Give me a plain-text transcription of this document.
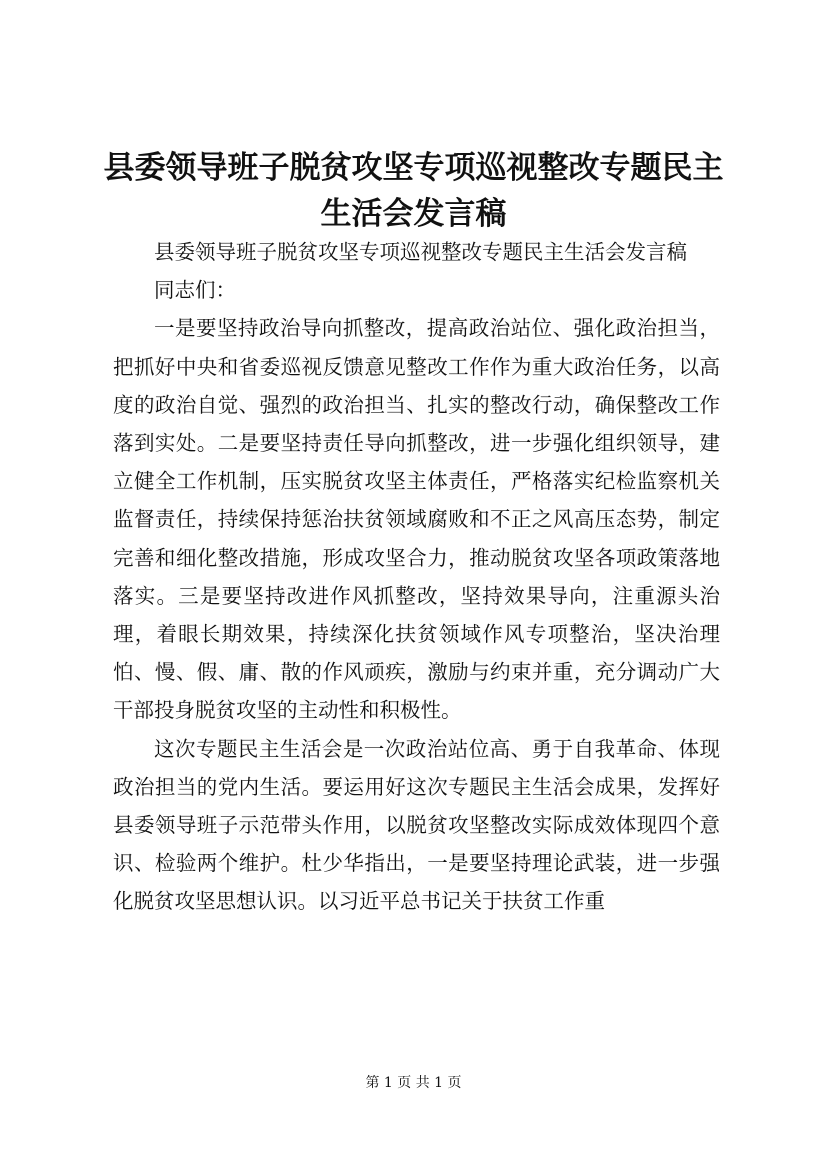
县委领导班子脱贫攻坚专项巡视整改专题民主生活会发言稿

县委领导班子脱贫攻坚专项巡视整改专题民主生活会发言稿

同志们：

一是要坚持政治导向抓整改，提高政治站位、强化政治担当，把抓好中央和省委巡视反馈意见整改工作作为重大政治任务，以高度的政治自觉、强烈的政治担当、扎实的整改行动，确保整改工作落到实处。二是要坚持责任导向抓整改，进一步强化组织领导，建立健全工作机制，压实脱贫攻坚主体责任，严格落实纪检监察机关监督责任，持续保持惩治扶贫领域腐败和不正之风高压态势，制定完善和细化整改措施，形成攻坚合力，推动脱贫攻坚各项政策落地落实。三是要坚持改进作风抓整改，坚持效果导向，注重源头治理，着眼长期效果，持续深化扶贫领域作风专项整治，坚决治理怕、慢、假、庸、散的作风顽疾，激励与约束并重，充分调动广大干部投身脱贫攻坚的主动性和积极性。

这次专题民主生活会是一次政治站位高、勇于自我革命、体现政治担当的党内生活。要运用好这次专题民主生活会成果，发挥好县委领导班子示范带头作用，以脱贫攻坚整改实际成效体现四个意识、检验两个维护。杜少华指出，一是要坚持理论武装，进一步强化脱贫攻坚思想认识。以习近平总书记关于扶贫工作重

第 1 页 共 1 页
